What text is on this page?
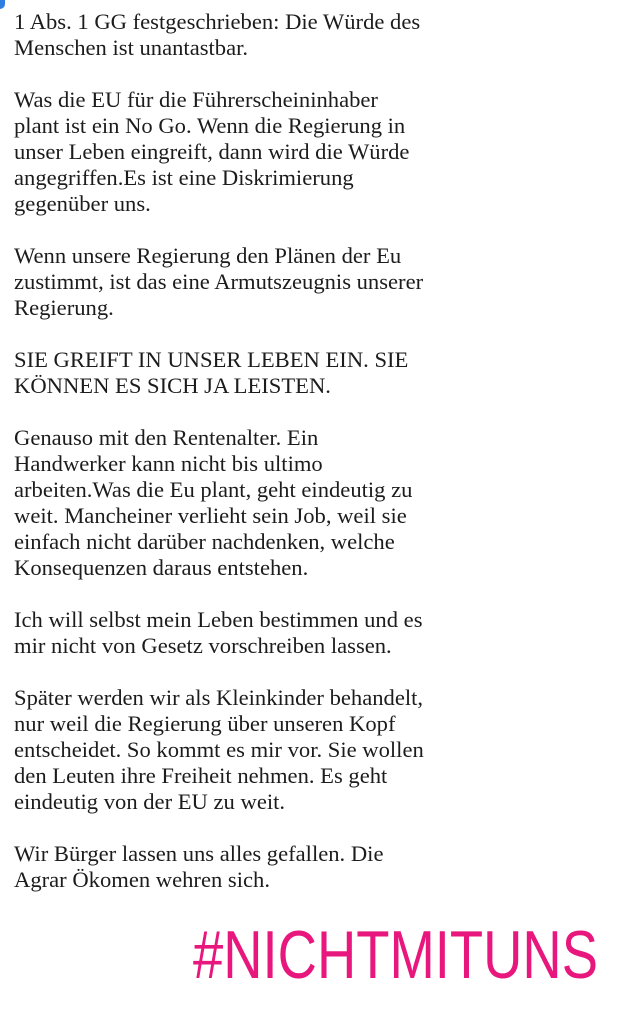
1 Abs. 1 GG festgeschrieben: Die Würde des
Menschen ist unantastbar.

Was die EU für die Führerscheininhaber
plant ist ein No Go. Wenn die Regierung in
unser Leben eingreift, dann wird die Würde
angegriffen.Es ist eine Diskrimierung
gegenüber uns.

Wenn unsere Regierung den Plänen der Eu
zustimmt, ist das eine Armutszeugnis unserer
Regierung.

SIE GREIFT IN UNSER LEBEN EIN. SIE
KÖNNEN ES SICH JA LEISTEN.

Genauso mit den Rentenalter. Ein
Handwerker kann nicht bis ultimo
arbeiten.Was die Eu plant, geht eindeutig zu
weit. Mancheiner verlieht sein Job, weil sie
einfach nicht darüber nachdenken, welche
Konsequenzen daraus entstehen.

Ich will selbst mein Leben bestimmen und es
mir nicht von Gesetz vorschreiben lassen.

Später werden wir als Kleinkinder behandelt,
nur weil die Regierung über unseren Kopf
entscheidet. So kommt es mir vor. Sie wollen
den Leuten ihre Freiheit nehmen. Es geht
eindeutig von der EU zu weit.

Wir Bürger lassen uns alles gefallen. Die
Agrar Ökomen wehren sich.

#NICHTMITUNS
